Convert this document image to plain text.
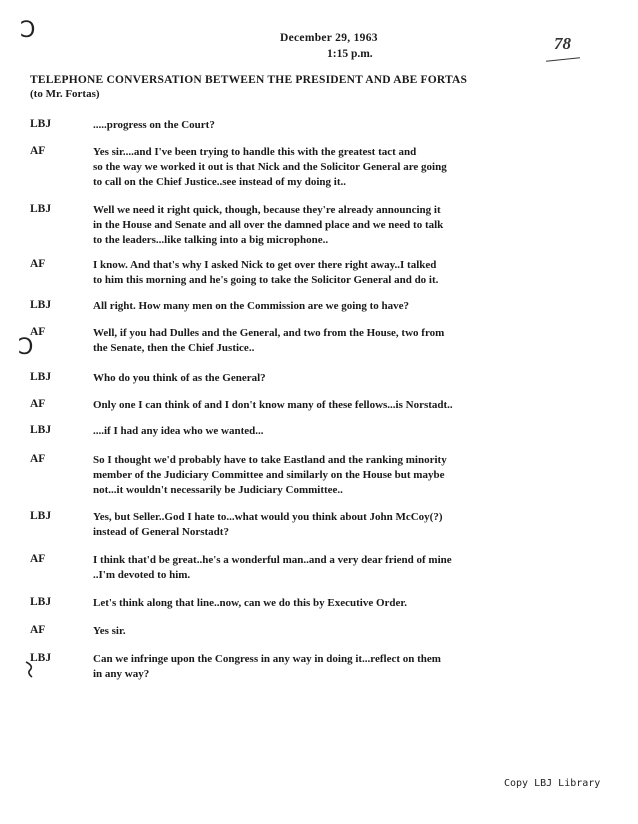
C
C
December 29, 1963
1:15 p.m.
78
TELEPHONE CONVERSATION BETWEEN THE PRESIDENT AND ABE FORTAS
(to Mr. Fortas)
LBJ	.....progress on the Court?
AF	Yes sir....and I've been trying to handle this with the greatest tact and
so the way we worked it out is that Nick and the Solicitor General are going
to call on the Chief Justice..see instead of my doing it..
LBJ	Well we need it right quick, though, because they're already announcing it
in the House and Senate and all over the damned place and we need to talk
to the leaders...like talking into a big microphone..
AF	I know. And that's why I asked Nick to get over there right away..I talked
to him this morning and he's going to take the Solicitor General and do it.
LBJ	All right. How many men on the Commission are we going to have?
AF	Well, if you had Dulles and the General, and two from the House, two from
the Senate, then the Chief Justice..
LBJ	Who do you think of as the General?
AF	Only one I can think of and I don't know many of these fellows...is Norstadt..
LBJ	....if I had any idea who we wanted...
AF	So I thought we'd probably have to take Eastland and the ranking minority
member of the Judiciary Committee and similarly on the House but maybe
not...it wouldn't necessarily be Judiciary Committee..
LBJ	Yes, but Seller..God I hate to...what would you think about John McCoy(?)
instead of General Norstadt?
AF	I think that'd be great..he's a wonderful man..and a very dear friend of mine
..I'm devoted to him.
LBJ	Let's think along that line..now, can we do this by Executive Order.
AF	Yes sir.
LBJ	Can we infringe upon the Congress in any way in doing it...reflect on them
in any way?
Copy LBJ Library
